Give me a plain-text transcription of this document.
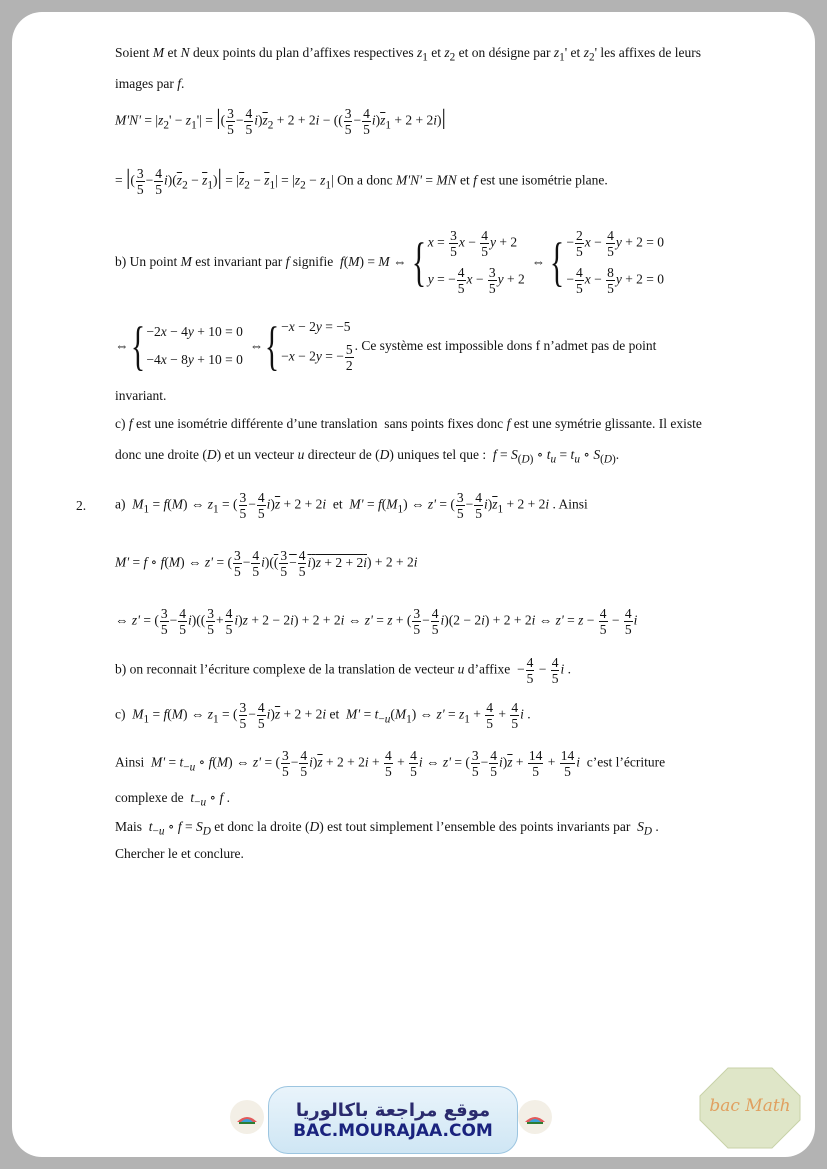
Soient M et N deux points du plan d’affixes respectives $z_1$ et $z_2$ et on désigne par $z_1'$ et $z_2'$ les affixes de leurs
images par f.
$M'N' = |z_2' - z_1'|$ = |( $\frac{3}{5} - \frac{4}{5} i)\overline{z}_2 + 2 + 2i$ − (( $\frac{3}{5} - \frac{4}{5} i)\overline{z}_1 + 2 + 2i)|$
= |( $\frac{3}{5} - \frac{4}{5} i)(\overline{z}_2 - \overline{z}_1)| = |\overline{z}_2 - \overline{z}_1| = |z_2 - z_1|$ On a donc M'N' = MN et f est une isométrie plane.
b) Un point M est invariant par f signifie  f(M) = M ⇔ { $x = \frac{3}{5}$ $x - \frac{4}{5}$ y + 2
y = − $\frac{4}{5}$ $x - \frac{3}{5}$ y + 2
⇔ { − $\frac{2}{5}$ $x - \frac{4}{5}$ y + 2 = 0
− $\frac{4}{5}$ $x - \frac{8}{5}$ y + 2 = 0
⇔ { −2x − 4y + 10 = 0
−4x − 8y + 10 = 0
⇔ { −x − 2y = −5
−x − 2y = − $\frac{5}{2}$ . Ce système est impossible dons f n’admet pas de point
invariant.
c) f est une isométrie différente d’une translation  sans points fixes donc f est une symétrie glissante. Il existe
donc une droite (D) et un vecteur u directeur de (D) uniques tel que :  $f = S_{(D)}$ ∘ $t_u = t_u$ ∘ $S_{(D)}$.
2. a)  $M_1 = f(M)$ ⇔ $z_1$ = ( $\frac{3}{5} - \frac{4}{5} i)\overline{z} + 2 + 2i$  et  $M' = f(M_1)$ ⇔ z' = ( $\frac{3}{5} - \frac{4}{5} i)\overline{z}_1 + 2 + 2i$ . Ainsi
M' = f ∘ f(M) ⇔ z' = ( $\frac{3}{5} - \frac{4}{5} i)(( \frac{3}{5} - \frac{4}{5} i)z + 2 + 2i) + 2 + 2i$
⇔ z' = ( $\frac{3}{5} - \frac{4}{5} i)(( \frac{3}{5} + \frac{4}{5} i)z + 2 - 2i) + 2 + 2i$ ⇔ z' = z + ( $\frac{3}{5} - \frac{4}{5} i)(2 - 2i) + 2 + 2i$ ⇔ $z' = z - \frac{4}{5} - \frac{4}{5}$ i
b) on reconnait l’écriture complexe de la translation de vecteur u d’affixe  − $\frac{4}{5} - \frac{4}{5}$ i .
c)  $M_1 = f(M)$ ⇔ $z_1$ = ( $\frac{3}{5} - \frac{4}{5} i)\overline{z} + 2 + 2i$ et  $M' = t_{-u}(M_1)$ ⇔ $z' = z_1 + \frac{4}{5} + \frac{4}{5}$ i .
Ainsi  $M' = t_{-u}$ ∘ f(M) ⇔ z' = ( $\frac{3}{5} - \frac{4}{5} i)\overline{z} + 2 + 2i + \frac{4}{5} + \frac{4}{5}$ i ⇔ z' = ( $\frac{3}{5} - \frac{4}{5} i)\overline{z} + \frac{14}{5} + \frac{14}{5}$ i  c’est l’écriture
complexe de  $t_{-u}$ ∘ f .
Mais  $t_{-u}$ ∘ $f = S_D$ et donc la droite (D) est tout simplement l’ensemble des points invariants par  $S_D$ .
Chercher le et conclure.
موقع مراجعة باكالوريا
BAC.MOURAJAA.COM
bac Math
